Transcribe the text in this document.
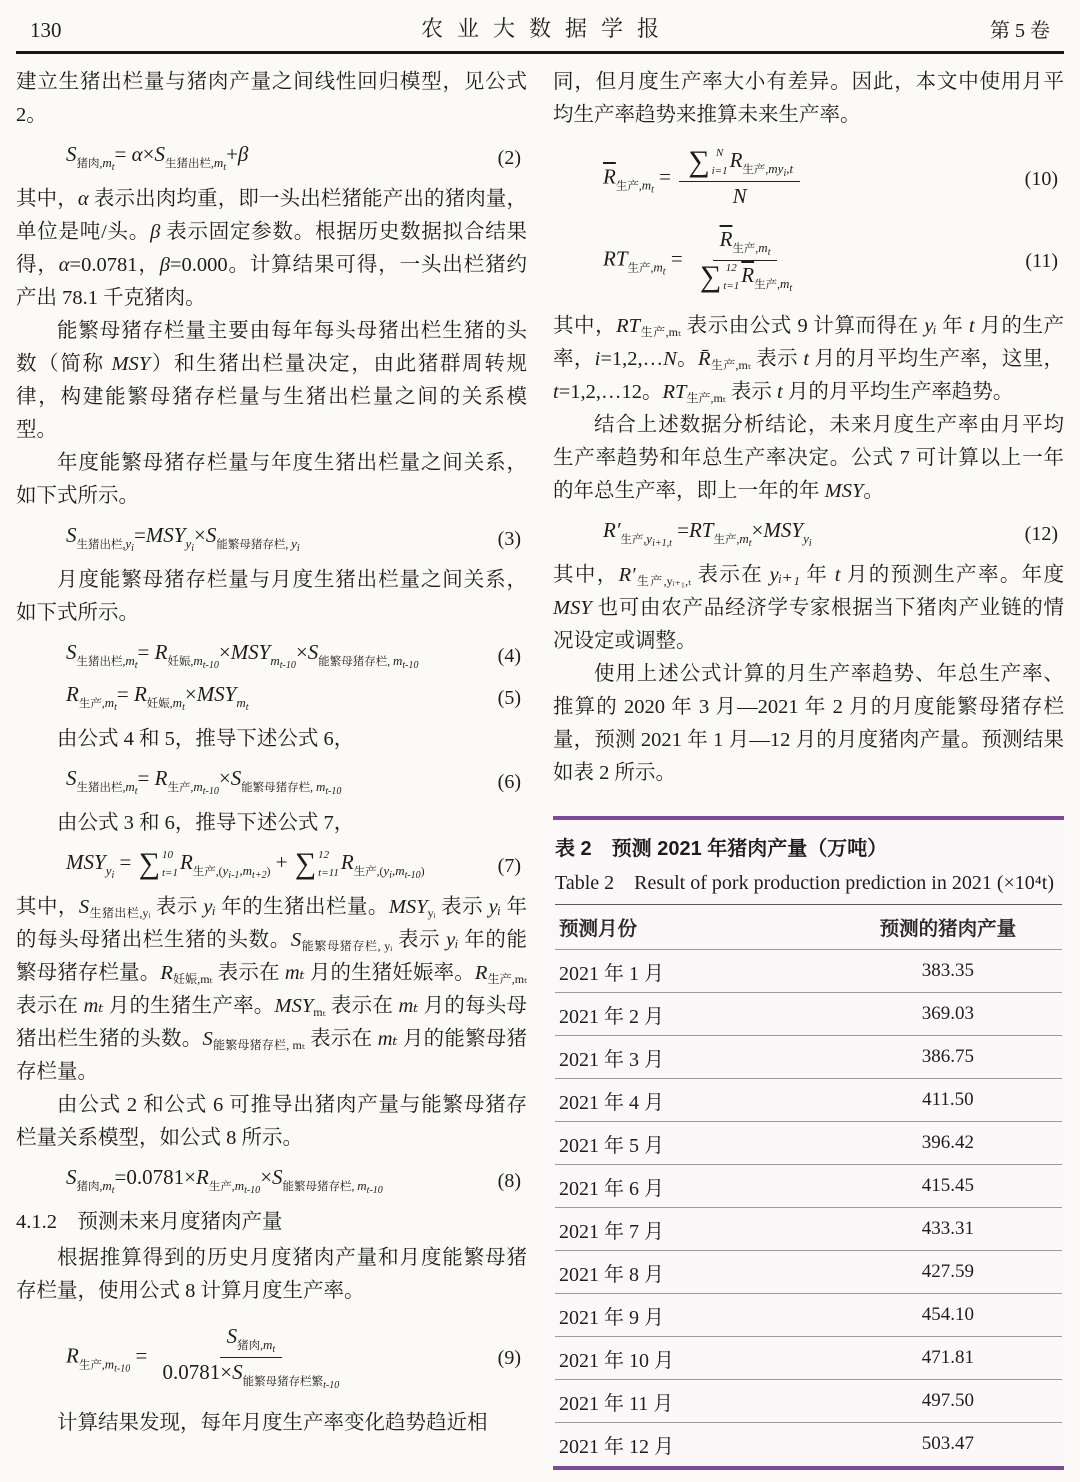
130	农业大数据学报	第 5 卷

建立生猪出栏量与猪肉产量之间线性回归模型，见公式 2。

$S_{猪肉,mt}= \alpha\times S_{生猪出栏,mt}+\beta$	(2)

其中，α 表示出肉均重，即一头出栏猪能产出的猪肉量，单位是吨/头。β 表示固定参数。根据历史数据拟合结果得，α=0.0781，β=0.000。计算结果可得，一头出栏猪约产出 78.1 千克猪肉。

能繁母猪存栏量主要由每年每头母猪出栏生猪的头数（简称 MSY）和生猪出栏量决定，由此猪群周转规律，构建能繁母猪存栏量与生猪出栏量之间的关系模型。

年度能繁母猪存栏量与年度生猪出栏量之间关系，如下式所示。

$S_{生猪出栏,yi}=MSY_{yi}\times S_{能繁母猪存栏,}$ $_{yi}$	(3)

月度能繁母猪存栏量与月度生猪出栏量之间关系，如下式所示。

$S_{生猪出栏,mt}= R_{妊娠,mt-10}\times MSY_{mt-10}\times S_{能繁母猪存栏,}$ $_{mt-10}$	(4)
$R_{生产,mt}= R_{妊娠,mt}\times MSY_{mt}$	(5)

由公式 4 和 5，推导下述公式 6，

$S_{生猪出栏,mt}= R_{生产,mt-10}\times S_{能繁母猪存栏,}$ $_{mt-10}$	(6)

由公式 3 和 6，推导下述公式 7，

$MSY_{yi}$ = ∑ 10
t=1 $R_{生产,(yi-1,mt+2)}$ + ∑ 12
t=11 $R_{生产,(yi,mt-10)}$	(7)

其中，$S_{生猪出栏,yᵢ}$ 表示 yᵢ 年的生猪出栏量。$MSY_{yᵢ}$ 表示 yᵢ 年的每头母猪出栏生猪的头数。$S_{能繁母猪存栏, yᵢ}$ 表示 yᵢ 年的能繁母猪存栏量。$R_{妊娠,m_t}$ 表示在 mₜ 月的生猪妊娠率。$R_{生产,m_t}$ 表示在 mₜ 月的生猪生产率。$MSY_{m_t}$ 表示在 mₜ 月的每头母猪出栏生猪的头数。$S_{能繁母猪存栏, m_t}$ 表示在 mₜ 月的能繁母猪存栏量。

由公式 2 和公式 6 可推导出猪肉产量与能繁母猪存栏量关系模型，如公式 8 所示。

$S_{猪肉,mt}=0.0781\times R_{生产,mt-10}\times S_{能繁母猪存栏,}$ $_{mt-10}$	(8)
4.1.2　预测未来月度猪肉产量

根据推算得到的历史月度猪肉产量和月度能繁母猪存栏量，使用公式 8 计算月度生产率。

$R_{生产,mt-10} = \frac{S_{猪肉,mt}}{0.0781\times S_{能繁母猪存栏繁t-10}}$	(9)

计算结果发现，每年月度生产率变化趋势趋近相

同，但月度生产率大小有差异。因此，本文中使用月平均生产率趋势来推算未来生产率。

$\overline{R}_{生产,mt}$ = ∑ N
i=1 $R_{生产,myi,t}$
N	(10)
$RT_{生产,mt} = \overline{R}_{生产,mt}$
∑ 12
t=1 $\overline{R}_{生产,mt}$	(11)

其中，$RT_{生产,m_t}$ 表示由公式 9 计算而得在 yᵢ 年 t 月的生产率，i=1,2,…N。$R̄_{生产,m_t}$ 表示 t 月的月平均生产率，这里，t=1,2,…12。$RT_{生产,m_t}$ 表示 t 月的月平均生产率趋势。

结合上述数据分析结论，未来月度生产率由月平均生产率趋势和年总生产率决定。公式 7 可计算以上一年的年总生产率，即上一年的年 MSY。

$R'_{生产,yi+1,t} =RT_{生产,mt}\times MSY_{yi}$	(12)

其中，$R'_{生产,yᵢ_{+1},_t}$ 表示在 yᵢ₊₁ 年 t 月的预测生产率。年度 MSY 也可由农产品经济学专家根据当下猪肉产业链的情况设定或调整。

使用上述公式计算的月生产率趋势、年总生产率、推算的 2020 年 3 月—2021 年 2 月的月度能繁母猪存栏量，预测 2021 年 1 月—12 月的月度猪肉产量。预测结果如表 2 所示。

表 2　预测 2021 年猪肉产量（万吨）

Table 2　Result of pork production prediction in 2021 (×10⁴t)

预测月份	预测的猪肉产量
2021 年 1 月	383.35
2021 年 2 月	369.03
2021 年 3 月	386.75
2021 年 4 月	411.50
2021 年 5 月	396.42
2021 年 6 月	415.45
2021 年 7 月	433.31
2021 年 8 月	427.59
2021 年 9 月	454.10
2021 年 10 月	471.81
2021 年 11 月	497.50
2021 年 12 月	503.47
